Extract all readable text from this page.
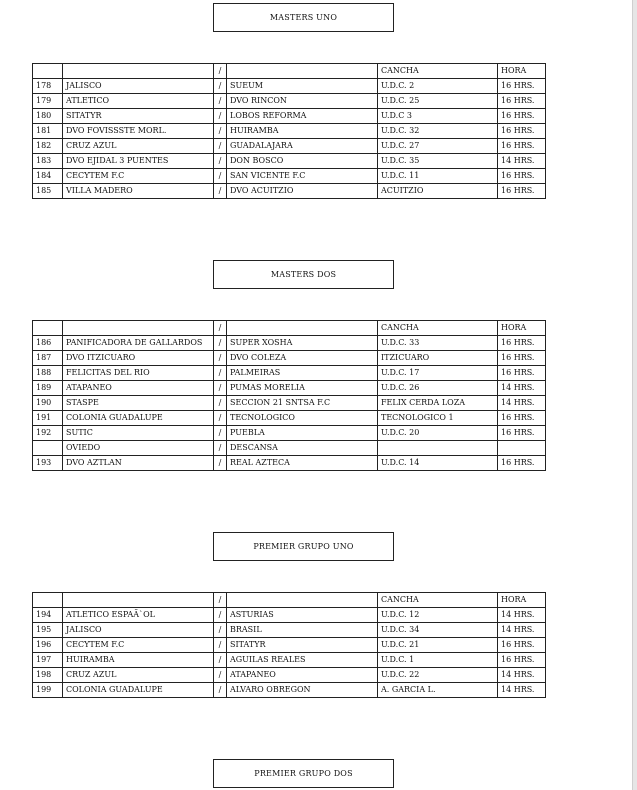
MASTERS UNO
		/		CANCHA	HORA
178	JALISCO	/	SUEUM	U.D.C. 2	16 HRS.
179	ATLETICO	/	DVO RINCON	U.D.C. 25	16 HRS.
180	SITATYR	/	LOBOS REFORMA	U.D.C 3	16 HRS.
181	DVO FOVISSSTE MORL.	/	HUIRAMBA	U.D.C. 32	16 HRS.
182	CRUZ AZUL	/	GUADALAJARA	U.D.C. 27	16 HRS.
183	DVO EJIDAL 3 PUENTES	/	DON BOSCO	U.D.C. 35	14 HRS.
184	CECYTEM F.C	/	SAN VICENTE F.C	U.D.C. 11	16 HRS.
185	VILLA MADERO	/	DVO ACUITZIO	ACUITZIO	16 HRS.
MASTERS DOS
		/		CANCHA	HORA
186	PANIFICADORA DE GALLARDOS	/	SUPER XOSHA	U.D.C. 33	16 HRS.
187	DVO ITZICUARO	/	DVO COLEZA	ITZICUARO	16 HRS.
188	FELICITAS DEL RIO	/	PALMEIRAS	U.D.C. 17	16 HRS.
189	ATAPANEO	/	PUMAS MORELIA	U.D.C. 26	14 HRS.
190	STASPE	/	SECCION 21 SNTSA F.C	FELIX CERDA LOZA	14 HRS.
191	COLONIA GUADALUPE	/	TECNOLOGICO	TECNOLOGICO 1	16 HRS.
192	SUTIC	/	PUEBLA	U.D.C. 20	16 HRS.
	OVIEDO	/	DESCANSA		
193	DVO AZTLAN	/	REAL AZTECA	U.D.C. 14	16 HRS.
PREMIER GRUPO UNO
		/		CANCHA	HORA
194	ATLETICO ESPAÃ`OL	/	ASTURIAS	U.D.C. 12	14 HRS.
195	JALISCO	/	BRASIL	U.D.C. 34	14 HRS.
196	CECYTEM F.C	/	SITATYR	U.D.C. 21	16 HRS.
197	HUIRAMBA	/	AGUILAS REALES	U.D.C. 1	16 HRS.
198	CRUZ AZUL	/	ATAPANEO	U.D.C. 22	14 HRS.
199	COLONIA GUADALUPE	/	ALVARO OBREGON	A. GARCIA L.	14 HRS.
PREMIER GRUPO DOS
